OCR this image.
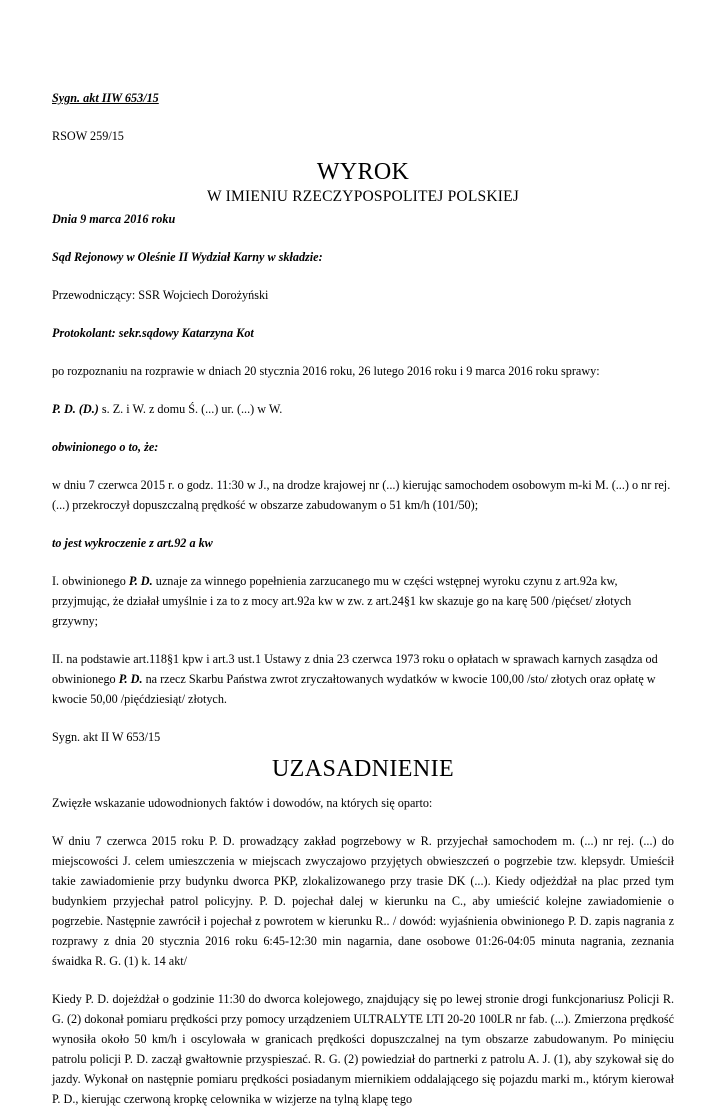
Sygn. akt IIW 653/15

RSOW 259/15

WYROK

W IMIENIU RZECZYPOSPOLITEJ POLSKIEJ

Dnia 9 marca 2016 roku

Sąd Rejonowy w Oleśnie II Wydział Karny w składzie:

Przewodniczący: SSR Wojciech Dorożyński

Protokolant: sekr.sądowy Katarzyna Kot

po rozpoznaniu na rozprawie w dniach 20 stycznia 2016 roku, 26 lutego 2016 roku i 9 marca 2016 roku sprawy:

P. D. (D.) s. Z. i W. z domu Ś. (...) ur. (...) w W.

obwinionego o to, że:

w dniu 7 czerwca 2015 r. o godz. 11:30 w J., na drodze krajowej nr (...) kierując samochodem osobowym m-ki M. (...) o nr rej. (...) przekroczył dopuszczalną prędkość w obszarze zabudowanym o 51 km/h (101/50);

to jest wykroczenie z art.92 a kw

I. obwinionego P. D. uznaje za winnego popełnienia zarzucanego mu w części wstępnej wyroku czynu z art.92a kw, przyjmując, że działał umyślnie i za to z mocy art.92a kw w zw. z art.24§1 kw skazuje go na karę 500 /pięćset/ złotych grzywny;

II. na podstawie art.118§1 kpw i art.3 ust.1 Ustawy z dnia 23 czerwca 1973 roku o opłatach w sprawach karnych zasądza od obwinionego P. D. na rzecz Skarbu Państwa zwrot zryczałtowanych wydatków w kwocie 100,00 /sto/ złotych oraz opłatę w kwocie 50,00 /pięćdziesiąt/ złotych.

Sygn. akt II W 653/15

UZASADNIENIE

Zwięzłe wskazanie udowodnionych faktów i dowodów, na których się oparto:

W dniu 7 czerwca 2015 roku P. D. prowadzący zakład pogrzebowy w R. przyjechał samochodem m. (...) nr rej. (...) do miejscowości J. celem umieszczenia w miejscach zwyczajowo przyjętych obwieszczeń o pogrzebie tzw. klepsydr. Umieścił takie zawiadomienie przy budynku dworca PKP, zlokalizowanego przy trasie DK (...). Kiedy odjeżdżał na plac przed tym budynkiem przyjechał patrol policyjny. P. D. pojechał dalej w kierunku na C., aby umieścić kolejne zawiadomienie o pogrzebie. Następnie zawrócił i pojechał z powrotem w kierunku R.. / dowód: wyjaśnienia obwinionego P. D. zapis nagrania z rozprawy z dnia 20 stycznia 2016 roku 6:45-12:30 min nagarnia, dane osobowe 01:26-04:05 minuta nagrania, zeznania śwaidka R. G. (1) k. 14 akt/

Kiedy P. D. dojeżdżał o godzinie 11:30 do dworca kolejowego, znajdujący się po lewej stronie drogi funkcjonariusz Policji R. G. (2) dokonał pomiaru prędkości przy pomocy urządzeniem ULTRALYTE LTI 20-20 100LR nr fab. (...). Zmierzona prędkość wynosiła około 50 km/h i oscylowała w granicach prędkości dopuszczalnej na tym obszarze zabudowanym. Po minięciu patrolu policji P. D. zaczął gwałtownie przyspieszać. R. G. (2) powiedział do partnerki z patrolu A. J. (1), aby szykował się do jazdy. Wykonał on następnie pomiaru prędkości posiadanym miernikiem oddalającego się pojazdu marki m., którym kierował P. D., kierując czerwoną kropkę celownika w wizjerze na tylną klapę tego
